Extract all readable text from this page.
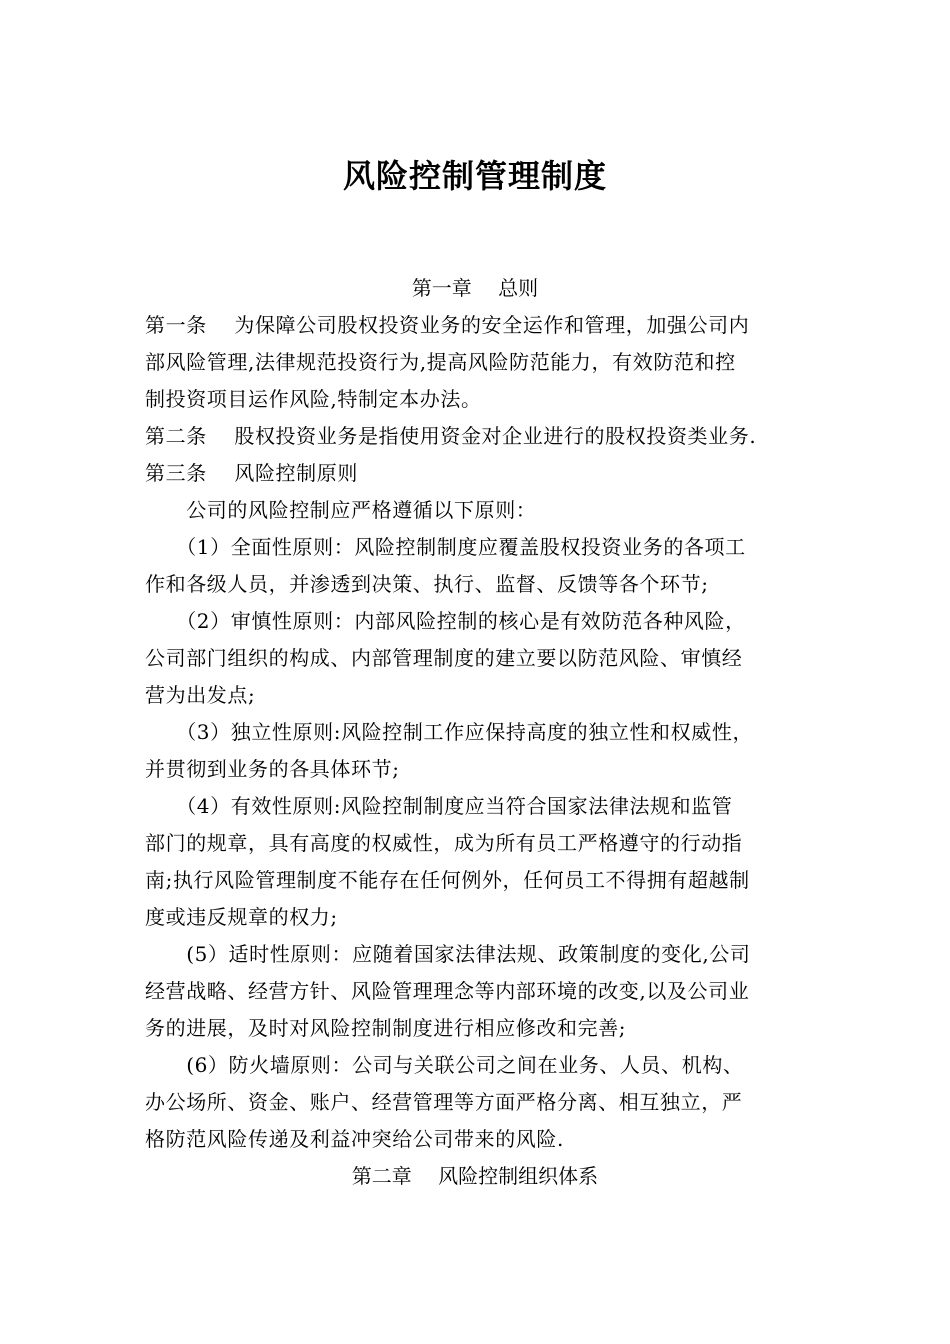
风险控制管理制度
第一章　 总则
第一条　 为保障公司股权投资业务的安全运作和管理，加强公司内
部风险管理,法律规范投资行为,提高风险防范能力，有效防范和控
制投资项目运作风险,特制定本办法。
第二条　 股权投资业务是指使用资金对企业进行的股权投资类业务.
第三条　 风险控制原则
　　公司的风险控制应严格遵循以下原则：
　　（1）全面性原则：风险控制制度应覆盖股权投资业务的各项工
作和各级人员，并渗透到决策、执行、监督、反馈等各个环节;
　　（2）审慎性原则：内部风险控制的核心是有效防范各种风险，
公司部门组织的构成、内部管理制度的建立要以防范风险、审慎经
营为出发点;
　　（3）独立性原则:风险控制工作应保持高度的独立性和权威性，
并贯彻到业务的各具体环节;
　　（4）有效性原则:风险控制制度应当符合国家法律法规和监管
部门的规章，具有高度的权威性，成为所有员工严格遵守的行动指
南;执行风险管理制度不能存在任何例外，任何员工不得拥有超越制
度或违反规章的权力;
　　(5）适时性原则：应随着国家法律法规、政策制度的变化,公司
经营战略、经营方针、风险管理理念等内部环境的改变,以及公司业
务的进展，及时对风险控制制度进行相应修改和完善;
　　(6）防火墙原则：公司与关联公司之间在业务、人员、机构、
办公场所、资金、账户、经营管理等方面严格分离、相互独立，严
格防范风险传递及利益冲突给公司带来的风险.
第二章　 风险控制组织体系
